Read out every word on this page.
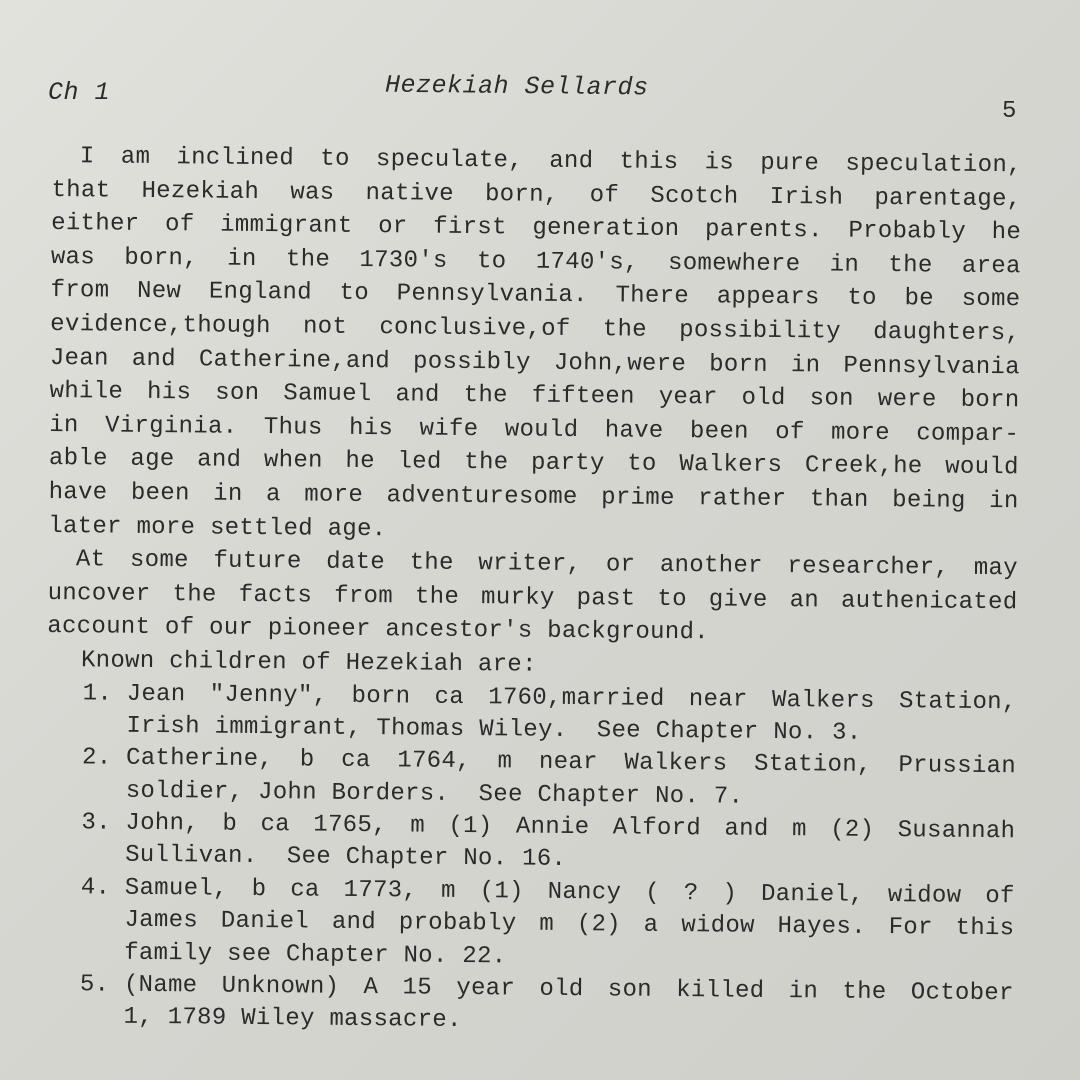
Ch 1	Hezekiah Sellards
5
I am inclined to speculate, and this is pure speculation,
that Hezekiah was native born, of Scotch Irish parentage,
either of immigrant or first generation parents. Probably he
was born, in the 1730's to 1740's, somewhere in the area
from New England to Pennsylvania. There appears to be some
evidence,though not conclusive,of the possibility daughters,
Jean and Catherine,and possibly John,were born in Pennsylvania
while his son Samuel and the fifteen year old son were born
in Virginia. Thus his wife would have been of more compar-
able age and when he led the party to Walkers Creek,he would
have been in a more adventuresome prime rather than being in
later more settled age.
At some future date the writer, or another researcher, may
uncover the facts from the murky past to give an authenicated
account of our pioneer ancestor's background.
Known children of Hezekiah are:
1. Jean "Jenny", born ca 1760,married near Walkers Station,
Irish immigrant, Thomas Wiley.  See Chapter No. 3.
2. Catherine, b ca 1764, m near Walkers Station, Prussian
soldier, John Borders.  See Chapter No. 7.
3. John, b ca 1765, m (1) Annie Alford and m (2) Susannah
Sullivan.  See Chapter No. 16.
4. Samuel, b ca 1773, m (1) Nancy ( ? ) Daniel, widow of
James Daniel and probably m (2) a widow Hayes. For this
family see Chapter No. 22.
5. (Name Unknown) A 15 year old son killed in the October
1, 1789 Wiley massacre.
